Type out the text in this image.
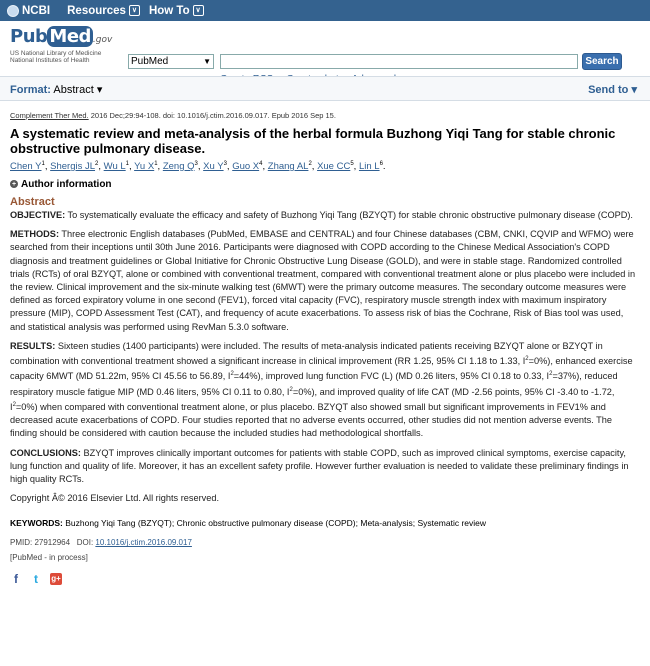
NCBI Resources ∨ How To ∨
Pub Med .gov
US National Library of Medicine
National Institutes of Health	PubMed	▼	Search
Format: Abstract ▾	Send to ▾
Complement Ther Med. 2016 Dec;29:94-108. doi: 10.1016/j.ctim.2016.09.017. Epub 2016 Sep 15.
A systematic review and meta-analysis of the herbal formula Buzhong Yiqi Tang for stable chronic obstructive pulmonary disease.
Chen $Y^1$, Shergis $JL^2$, Wu $L^1$, Yu $X^1$, Zeng $Q^3$, Xu $Y^3$, Guo $X^4$, Zhang $AL^2$, Xue $CC^5$, Lin $L^6$.
+ Author information
Abstract
OBJECTIVE: To systematically evaluate the efficacy and safety of Buzhong Yiqi Tang (BZYQT) for stable chronic obstructive pulmonary disease (COPD).
METHODS: Three electronic English databases (PubMed, EMBASE and CENTRAL) and four Chinese databases (CBM, CNKI, CQVIP and WFMO) were searched from their inceptions until 30th June 2016. Participants were diagnosed with COPD according to the Chinese Medical Association's COPD diagnosis and treatment guidelines or Global Initiative for Chronic Obstructive Lung Disease (GOLD), and were in stable stage. Randomized controlled trials (RCTs) of oral BZYQT, alone or combined with conventional treatment, compared with conventional treatment alone or plus placebo were included in the review. Clinical improvement and the six-minute walking test (6MWT) were the primary outcome measures. The secondary outcome measures were defined as forced expiratory volume in one second (FEV1), forced vital capacity (FVC), respiratory muscle strength index with maximum inspiratory pressure (MIP), COPD Assessment Test (CAT), and frequency of acute exacerbations. To assess risk of bias the Cochrane, Risk of Bias tool was used, and statistical analysis was performed using RevMan 5.3.0 software.
RESULTS: Sixteen studies (1400 participants) were included. The results of meta-analysis indicated patients receiving BZYQT alone or BZYQT in combination with conventional treatment showed a significant increase in clinical improvement (RR 1.25, 95% CI 1.18 to 1.33, $I^2=0\%$), enhanced exercise capacity 6MWT (MD 51.22m, 95% CI 45.56 to 56.89, $I^2=44\%$), improved lung function FVC (L) (MD 0.26 liters, 95% CI 0.18 to 0.33, $I^2=37\%$), reduced respiratory muscle fatigue MIP (MD 0.46 liters, 95% CI 0.11 to 0.80, $I^2=0\%$), and improved quality of life CAT (MD -2.56 points, 95% CI -3.40 to -1.72, $I^2=0\%$) when compared with conventional treatment alone, or plus placebo. BZYQT also showed small but significant improvements in FEV1% and decreased acute exacerbations of COPD. Four studies reported that no adverse events occurred, other studies did not mention adverse events. The finding should be considered with caution because the included studies had methodological shortfalls.
CONCLUSIONS: BZYQT improves clinically important outcomes for patients with stable COPD, such as improved clinical symptoms, exercise capacity, lung function and quality of life. Moreover, it has an excellent safety profile. However further evaluation is needed to validate these preliminary findings in high quality RCTs.
Copyright Â© 2016 Elsevier Ltd. All rights reserved.
KEYWORDS: Buzhong Yiqi Tang (BZYQT); Chronic obstructive pulmonary disease (COPD); Meta-analysis; Systematic review
PMID: 27912964 DOI: 10.1016/j.ctim.2016.09.017
[PubMed - in process]
f	t	g+
